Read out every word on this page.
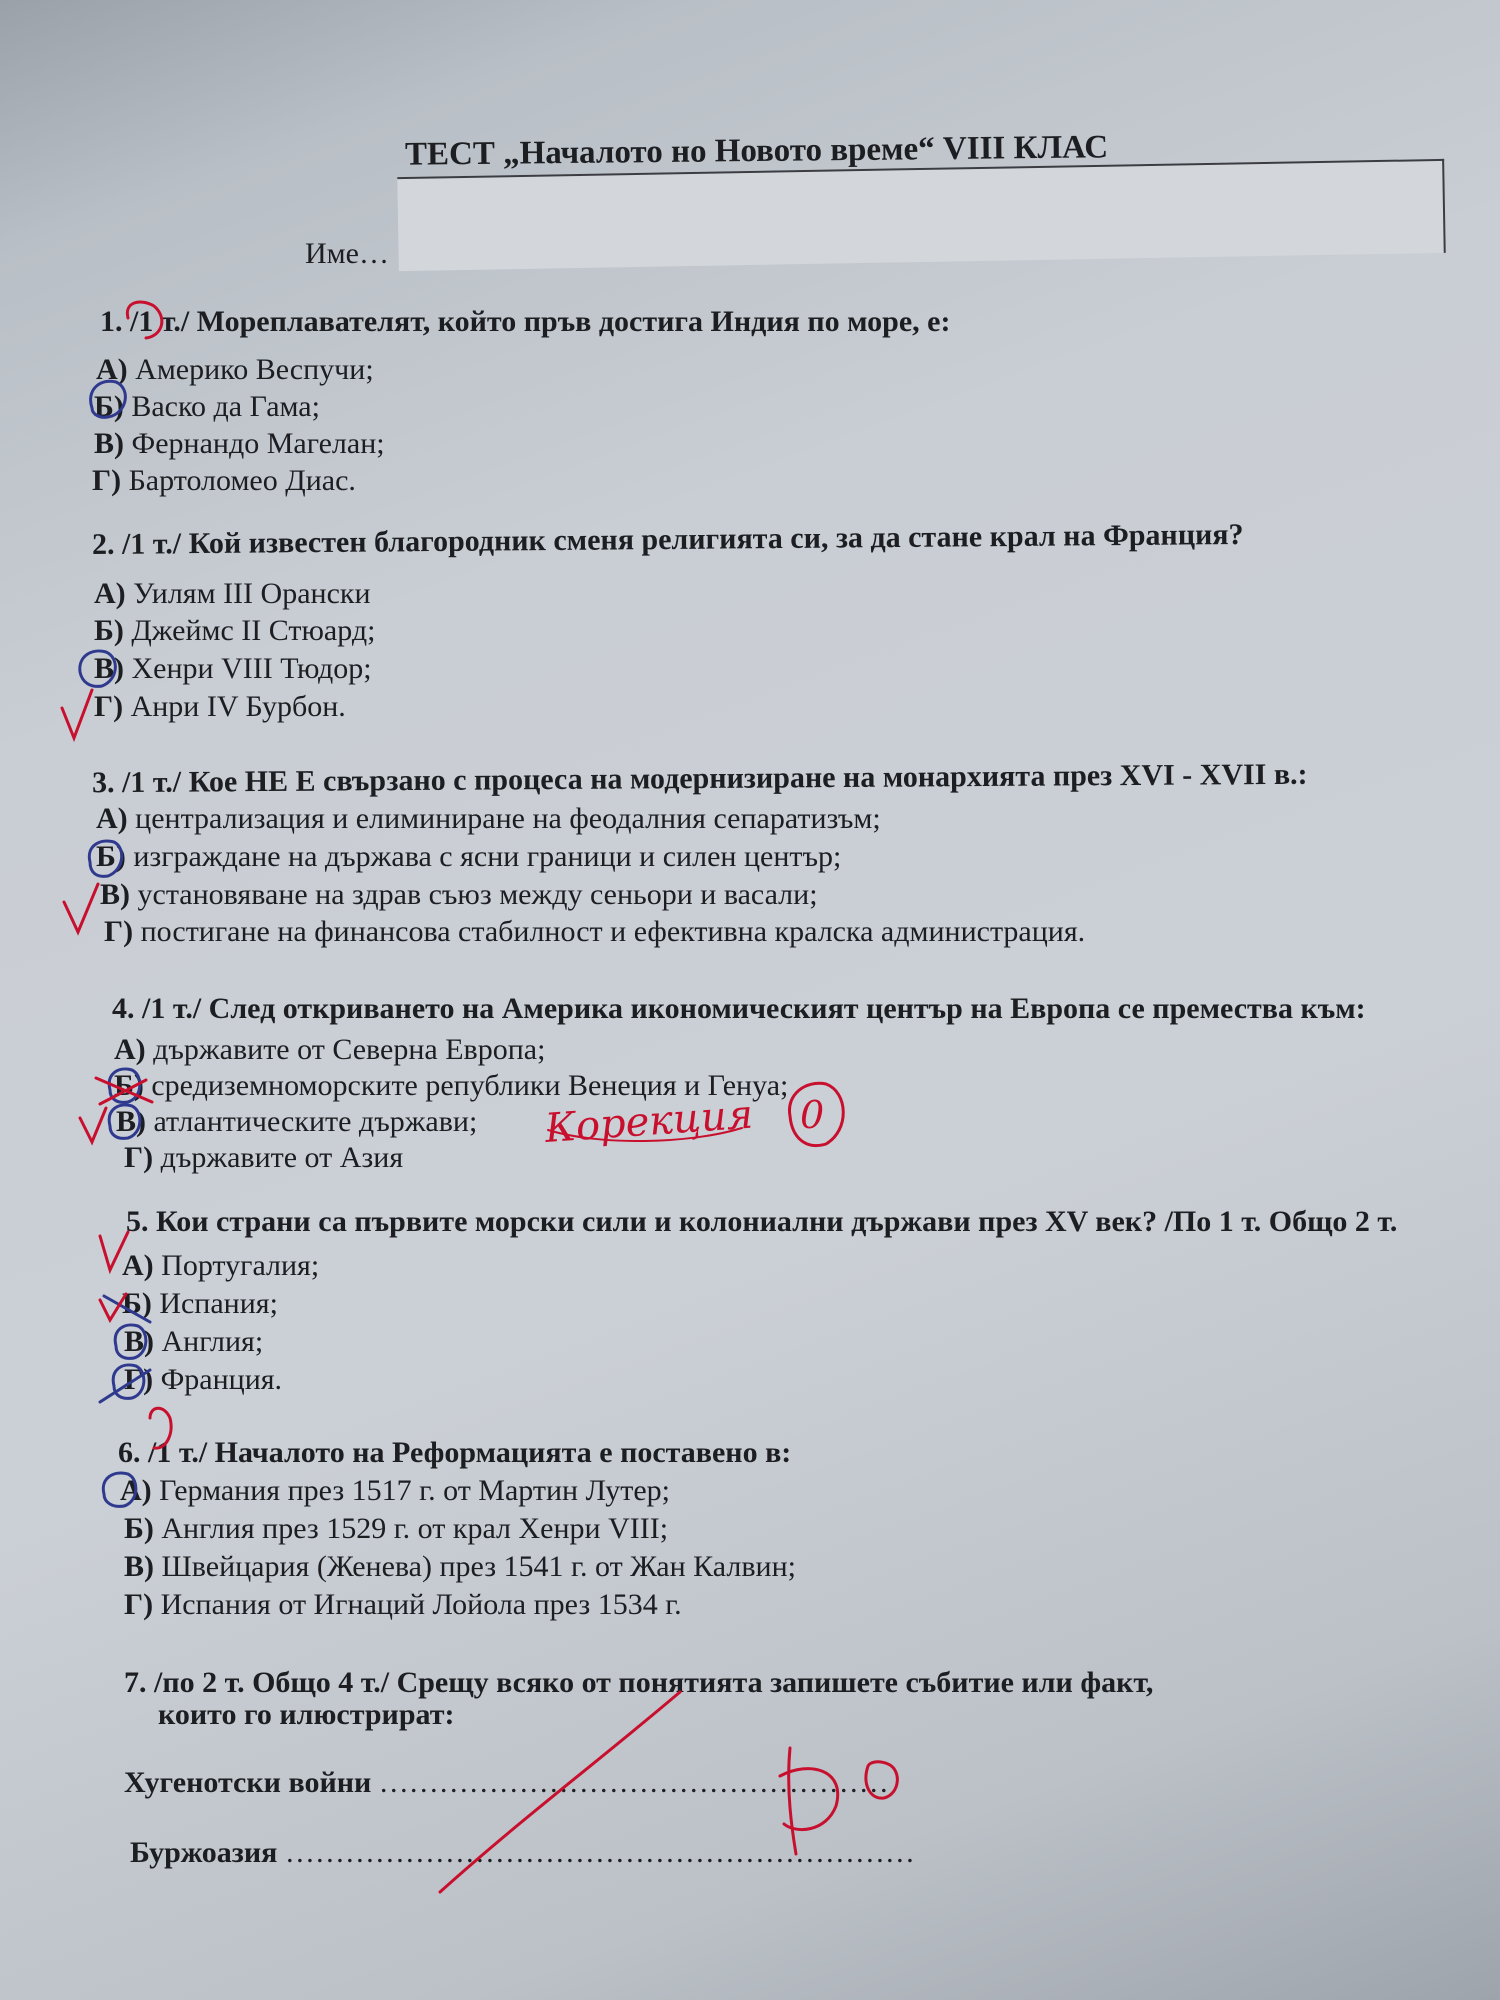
ТЕСТ „Началото но Новото време“ VIII КЛАС
Име…
1. /1 т./ Мореплавателят, който пръв достига Индия по море, е:
А) Америко Веспучи;
Б) Васко да Гама;
В) Фернандо Магелан;
Г) Бартоломео Диас.
2. /1 т./ Кой известен благородник сменя религията си, за да стане крал на Франция?
А) Уилям III Орански
Б) Джеймс II Стюард;
В) Хенри VIII Тюдор;
Г) Анри IV Бурбон.
3. /1 т./ Кое НЕ Е свързано с процеса на модернизиране на монархията през XVI - XVII в.:
А) централизация и елиминиране на феодалния сепаратизъм;
Б) изграждане на държава с ясни граници и силен център;
В) установяване на здрав съюз между сеньори и васали;
Г) постигане на финансова стабилност и ефективна кралска администрация.
4. /1 т./ След откриването на Америка икономическият център на Европа се премества към:
А) държавите от Северна Европа;
Б) средиземноморските републики Венеция и Генуа;
В) атлантическите държави;
Г) държавите от Азия
5. Кои страни са първите морски сили и колониални държави през XV век? /По 1 т. Общо 2 т.
А) Португалия;
Б) Испания;
В) Англия;
Г) Франция.
6. /1 т./ Началото на Реформацията е поставено в:
А) Германия през 1517 г. от Мартин Лутер;
Б) Англия през 1529 г. от крал Хенри VIII;
В) Швейцария (Женева) през 1541 г. от Жан Калвин;
Г) Испания от Игнаций Лойола през 1534 г.
7. /по 2 т. Общо 4 т./ Срещу всяко от понятията запишете събитие или факт,
които го илюстрират:
Хугенотски войни ……………………………………………
Буржоазия ………………………………………………………
Корекция 0
